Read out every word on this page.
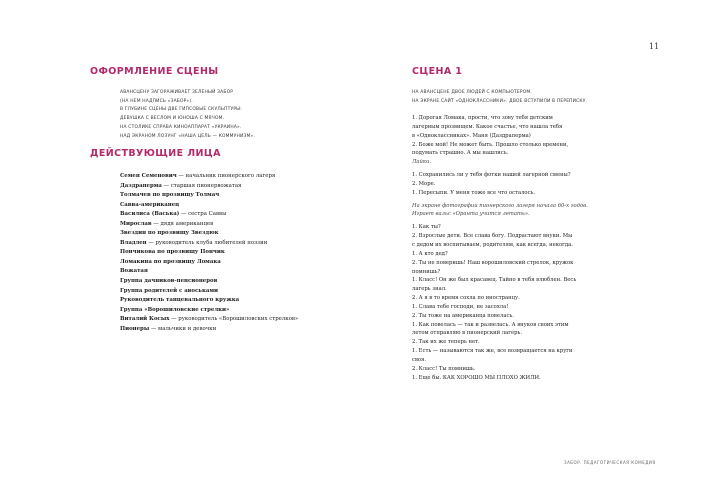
11
ОФОРМЛЕНИЕ СЦЕНЫ
АВАНСЦЕНУ ЗАГОРАЖИВАЕТ ЗЕЛЕНЫЙ ЗАБОР
(НА НЕМ НАДПИСЬ «ЗАБОР»).
В ГЛУБИНЕ СЦЕНЫ ДВЕ ГИПСОВЫЕ СКУЛЬПТУРЫ:
ДЕВУШКА С ВЕСЛОМ И ЮНОША С МЯЧОМ.
НА СТОЛИКЕ СПРАВА КИНОАППАРАТ «УКРАИНА».
НАД ЭКРАНОМ ЛОЗУНГ «НАША ЦЕЛЬ — КОММУНИЗМ».
ДЕЙСТВУЮЩИЕ ЛИЦА
Семен Семенович — начальник пионерского лагеря
Даздраперма — старшая пионервожатая
Толмачев по прозвищу Толмач
Савва-американец
Василиса (Васька) — сестра Саввы
Мирослав — дядя американцев
Звездин по прозвищу Звездюк
Владлен — руководитель клуба любителей поэзии
Пончикова по прозвищу Пончик
Ломакина по прозвищу Ломака
Вожатая
Группа дачников-пенсионеров
Группа родителей с авоськами
Руководитель танцевального кружка
Группа «Ворошиловские стрелки»
Виталий Косых — руководитель «Ворошиловских стрелков»
Пионеры — мальчики и девочки
СЦЕНА 1
НА АВАНСЦЕНЕ ДВОЕ ЛЮДЕЙ С КОМПЬЮТЕРОМ.
НА ЭКРАНЕ САЙТ «ОДНОКЛАССНИКИ». ДВОЕ ВСТУПИЛИ В ПЕРЕПИСКУ.
1. Дорогая Ломака, прости, что зову тебя детским
лагерным прозвищем. Какое счастье, что нашла тебя
в «Одноклассниках». Маня (Даздраперма)
2. Боже мой! Не может быть. Прошло столько времени,
подумать страшно. А мы нашлись.
Лайки.
1. Сохранились ли у тебя фотки нашей лагерной смены?
2. Море.
1. Пересыпи. У меня тоже все что осталось.
На экране фотографии пионерского лагеря начала 60-х годов.
Играет вальс «Оранта учится летать».
1. Как ты?
2. Взрослые дети. Все слава богу. Подрастают внуки. Мы
с дедом их воспитываем, родителям, как всегда, некогда.
1. А кто дед?
2. Ты не поверишь! Наш ворошиловский стрелок, кружок
помнишь?
1. Класс! Он же был красавец. Тайно в тебя влюблен. Весь
лагерь знал.
2. А я в то время сохла по иностранцу.
1. Слава тебе господи, не засохла!
2. Ты тоже на американца повелась.
1. Как повелась — так и развелась. А внуков своих этим
летом отправляю в пионерский лагерь.
2. Так их же теперь нет.
1. Есть — называются так же, все возвращается на круги
своя.
2. Класс! Ты помнишь.
1. Еще бы. КАК ХОРОШО МЫ ПЛОХО ЖИЛИ.
ЗАБОР. ПЕДАГОГИЧЕСКАЯ КОМЕДИЯ
